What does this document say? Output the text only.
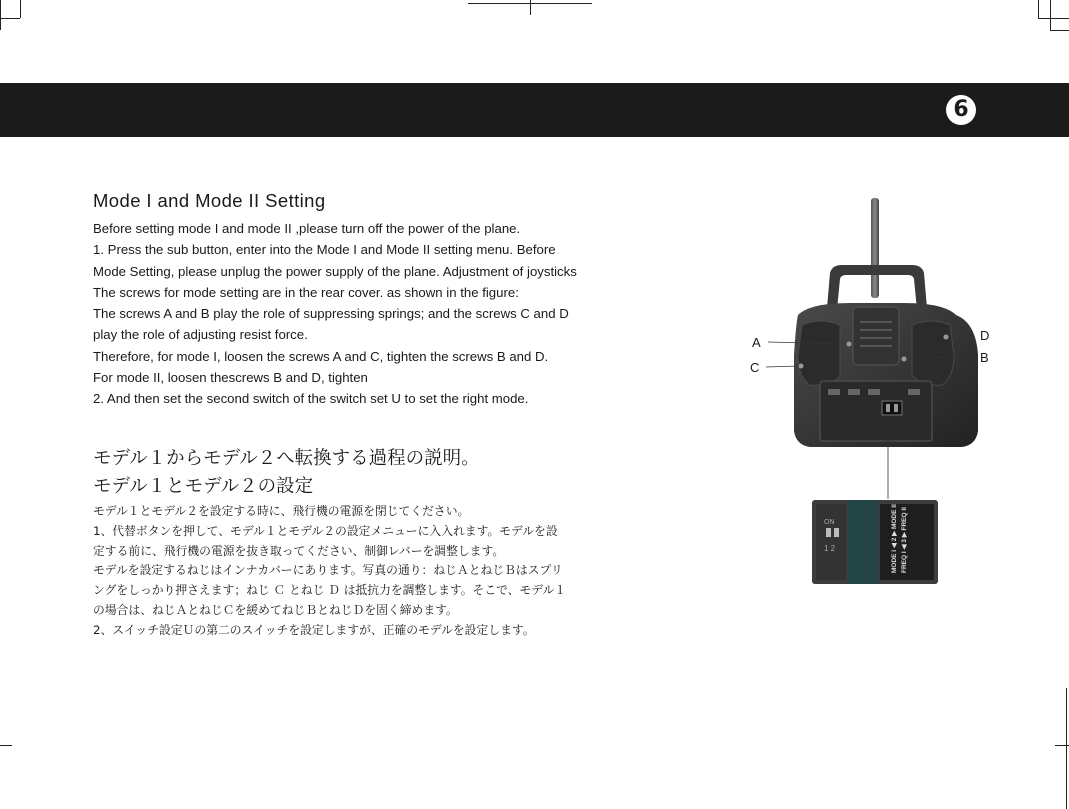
6
Mode I and Mode II Setting

Before setting mode I and mode II ,please turn off the power of the plane.

1. Press the sub button, enter into the Mode I and Mode II setting menu. Before

Mode Setting, please unplug the power supply of the plane. Adjustment of joysticks

The screws for mode setting are in the rear cover. as shown in the figure:

The screws A and B play the role of suppressing springs; and the screws C and D

play the role of adjusting resist force.

Therefore, for mode I, loosen the screws A and C, tighten the screws B and D.

For mode II, loosen thescrews B and D, tighten

2. And then set the second switch of the switch set U to set the right mode.

モデル１からモデル２へ転換する過程の説明。
モデル１とモデル２の設定

モデル１とモデル２を設定する時に、飛行機の電源を閉じてください。

1、代替ボタンを押して、モデル１とモデル２の設定メニューに入入れます。モデルを設

定する前に、飛行機の電源を抜き取ってください、制御レバーを調整します。

モデルを設定するねじはインナカバーにあります。写真の通り：ねじＡとねじＢはスプリ

ングをしっかり押さえます；ねじ Ｃ とねじ Ｄ は抵抗力を調整します。そこで、モデル１

の場合は、ねじＡとねじＣを緩めてねじＢとねじＤを固く締めます。

2、スイッチ設定Ｕの第二のスイッチを設定しますが、正確のモデルを設定します。

ON
1 2	MODE I ◀ 2 ▶ MODE II FREQ I ◀ 3 ▶ FREQ II
A
C
D
B
